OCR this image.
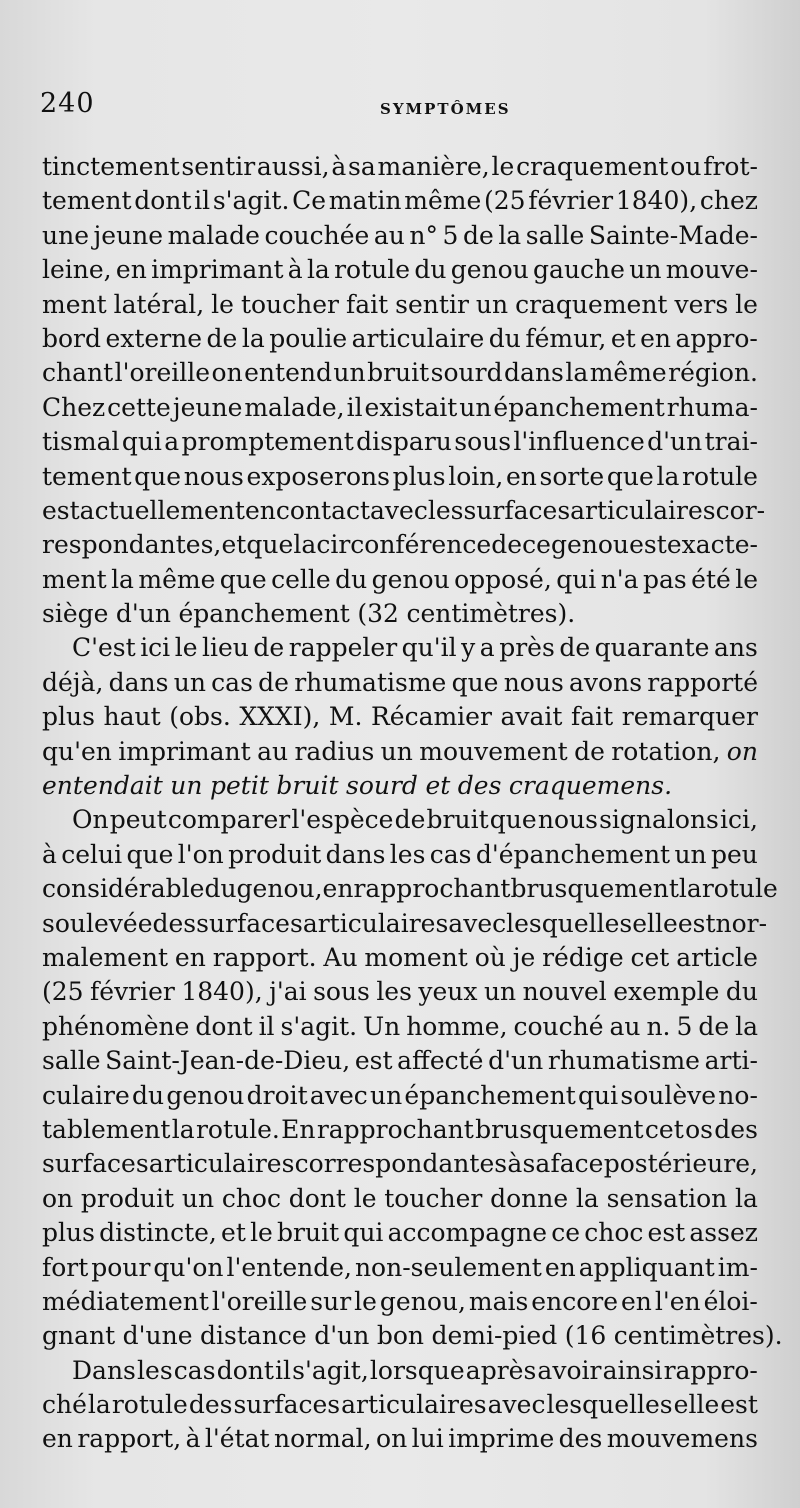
240	SYMPTÔMES
tinctement sentir aussi, à sa manière, le craquement ou frot-
tement dont il s'agit. Ce matin même (25 février 1840), chez
une jeune malade couchée au n° 5 de la salle Sainte-Made-
leine, en imprimant à la rotule du genou gauche un mouve-
ment latéral, le toucher fait sentir un craquement vers le
bord externe de la poulie articulaire du fémur, et en appro-
chant l'oreille on entend un bruit sourd dans la même région.
Chez cette jeune malade, il existait un épanchement rhuma-
tismal qui a promptement disparu sous l'influence d'un trai-
tement que nous exposerons plus loin, en sorte que la rotule
est actuellement en contact avec les surfaces articulaires cor-
respondantes, et que la circonférence de ce genou est exacte-
ment la même que celle du genou opposé, qui n'a pas été le
siège d'un épanchement (32 centimètres).
C'est ici le lieu de rappeler qu'il y a près de quarante ans
déjà, dans un cas de rhumatisme que nous avons rapporté
plus haut (obs. XXXI), M. Récamier avait fait remarquer
qu'en imprimant au radius un mouvement de rotation, on
entendait un petit bruit sourd et des craquemens.
On peut comparer l'espèce de bruit que nous signalons ici,
à celui que l'on produit dans les cas d'épanchement un peu
considérable du genou, en rapprochant brusquement la rotule
soulevée des surfaces articulaires avec lesquelles elle est nor-
malement en rapport. Au moment où je rédige cet article
(25 février 1840), j'ai sous les yeux un nouvel exemple du
phénomène dont il s'agit. Un homme, couché au n. 5 de la
salle Saint-Jean-de-Dieu, est affecté d'un rhumatisme arti-
culaire du genou droit avec un épanchement qui soulève no-
tablement la rotule. En rapprochant brusquement cet os des
surfaces articulaires correspondantes à sa face postérieure,
on produit un choc dont le toucher donne la sensation la
plus distincte, et le bruit qui accompagne ce choc est assez
fort pour qu'on l'entende, non-seulement en appliquant im-
médiatement l'oreille sur le genou, mais encore en l'en éloi-
gnant d'une distance d'un bon demi-pied (16 centimètres).
Dans les cas dont il s'agit, lorsque après avoir ainsi rappro-
ché la rotule des surfaces articulaires avec lesquelles elle est
en rapport, à l'état normal, on lui imprime des mouvemens
